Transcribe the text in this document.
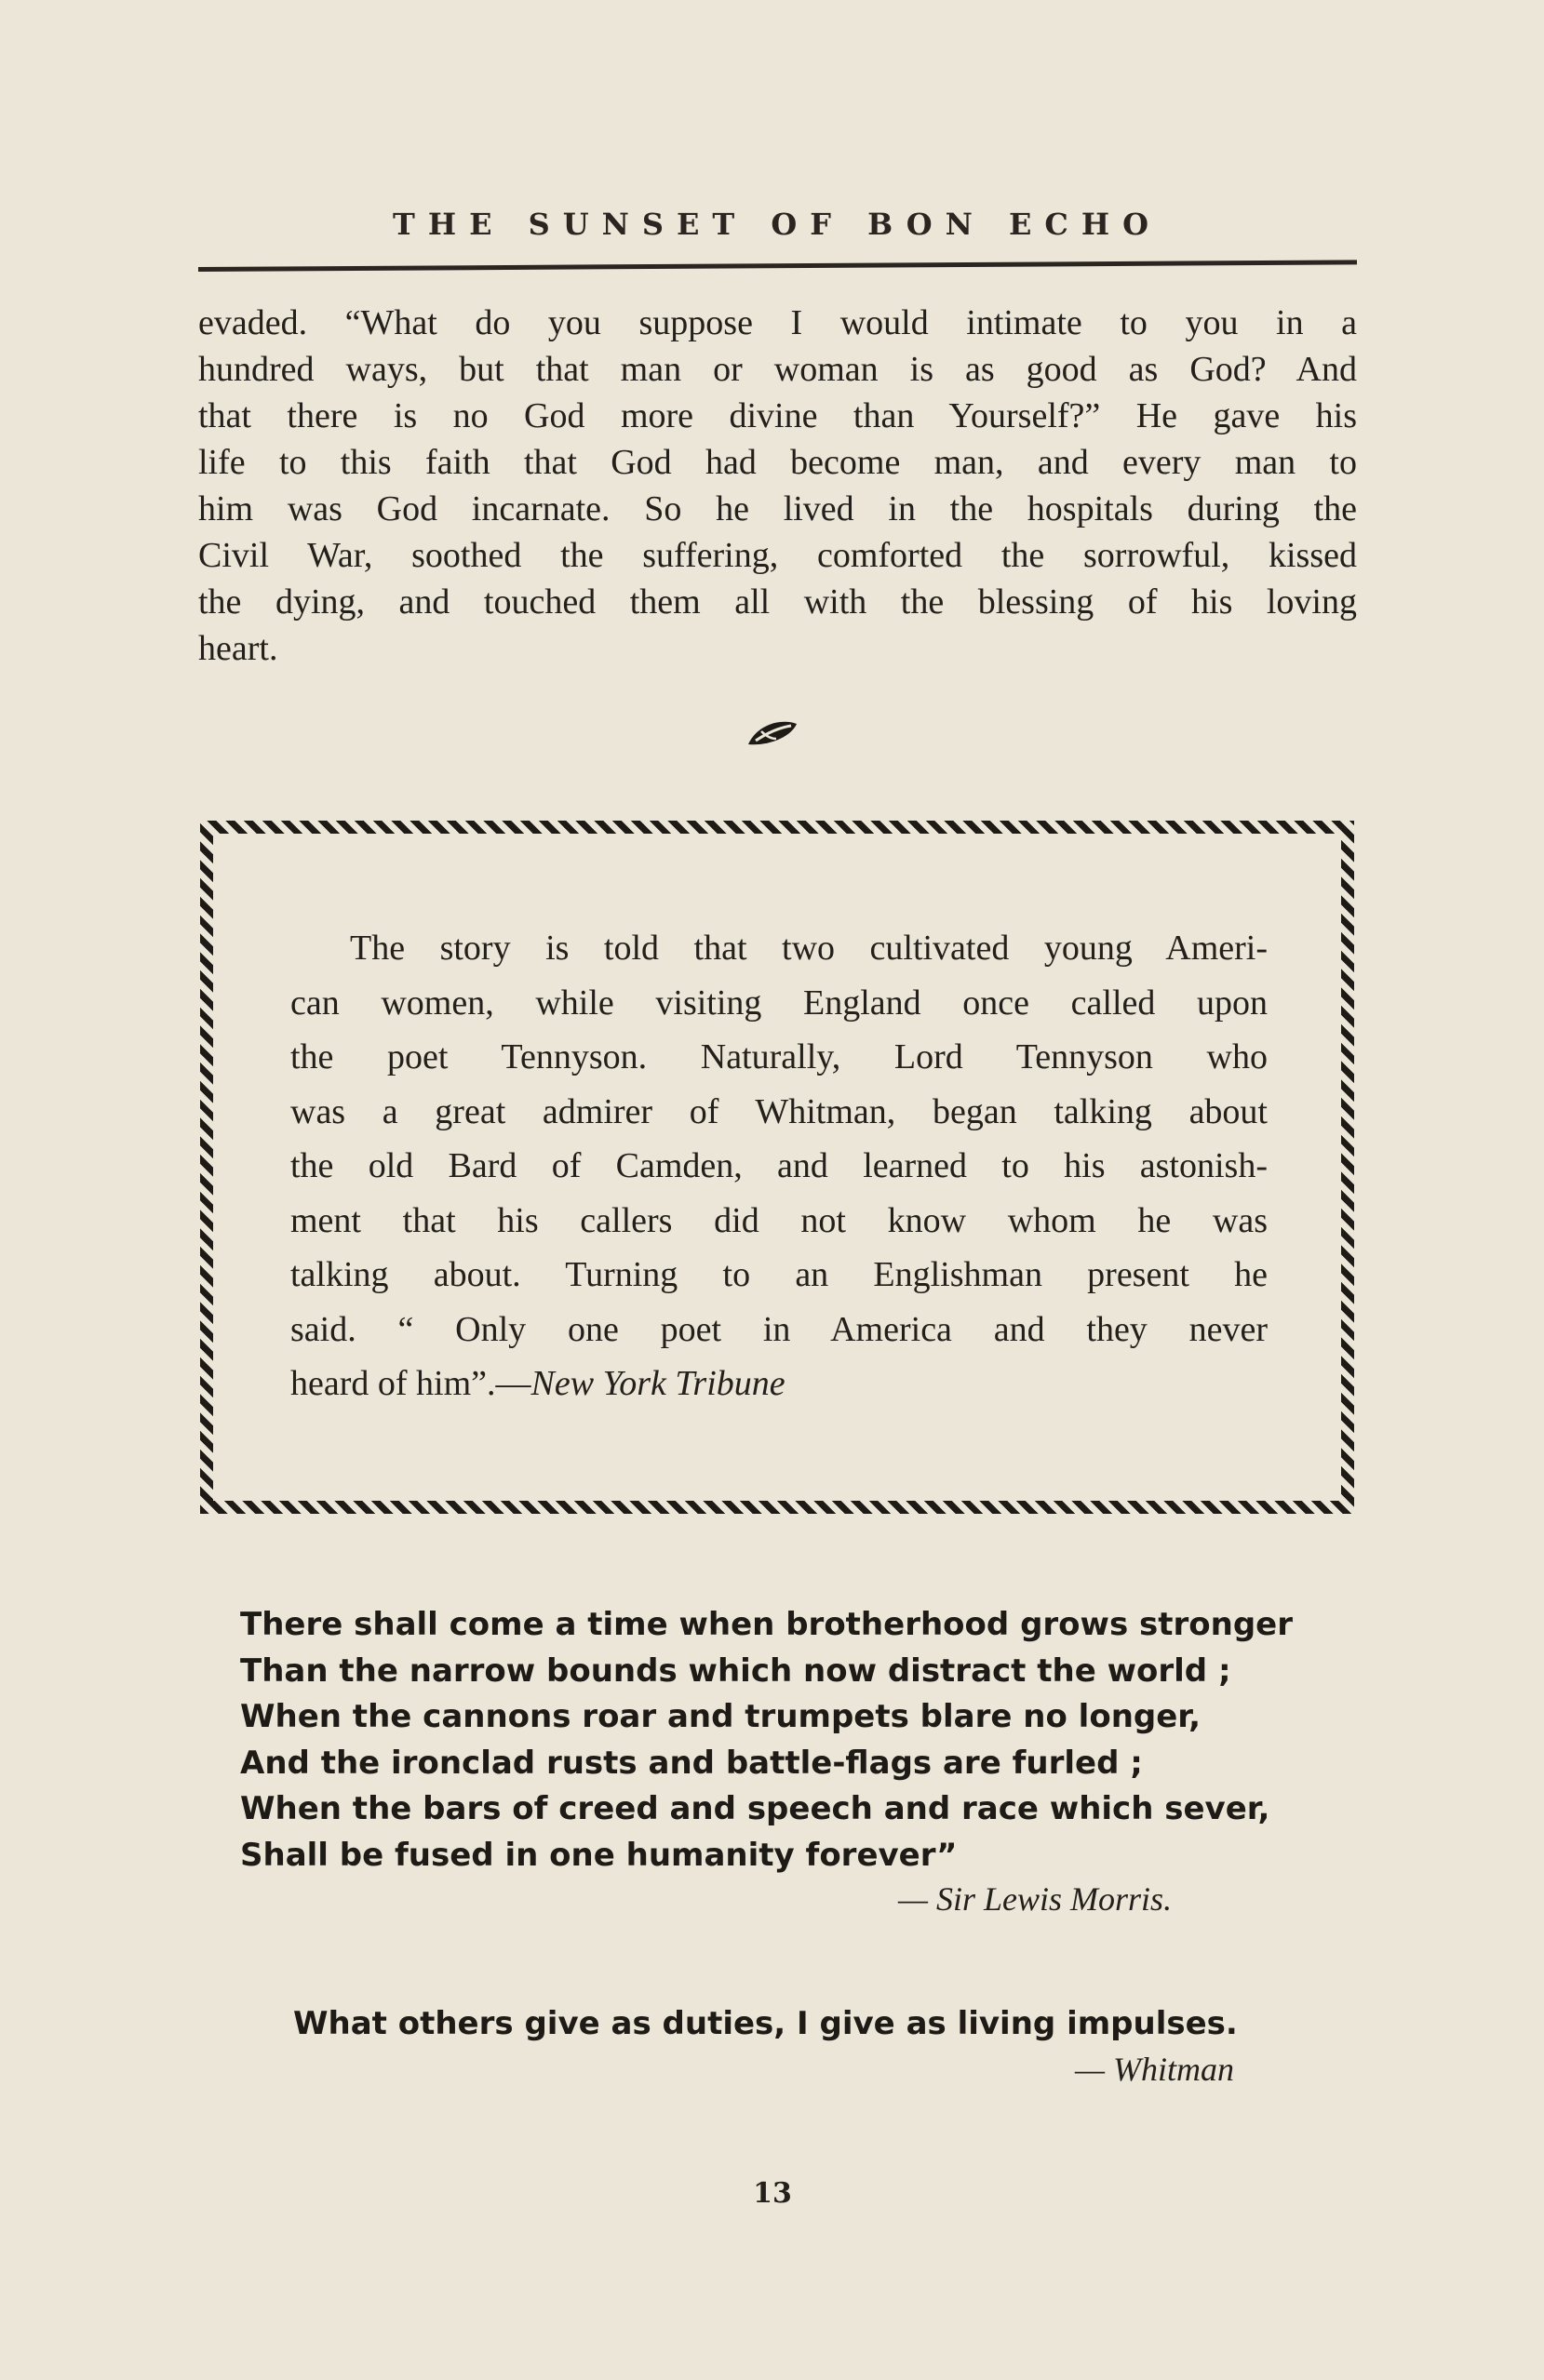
THE SUNSET OF BON ECHO
evaded. “What do you suppose I would intimate to you in a
hundred ways, but that man or woman is as good as God? And
that there is no God more divine than Yourself?” He gave his
life to this faith that God had become man, and every man to
him was God incarnate. So he lived in the hospitals during the
Civil War, soothed the suffering, comforted the sorrowful, kissed
the dying, and touched them all with the blessing of his loving
heart.
The story is told that two cultivated young Ameri-
can women, while visiting England once called upon
the poet Tennyson. Naturally, Lord Tennyson who
was a great admirer of Whitman, began talking about
the old Bard of Camden, and learned to his astonish-
ment that his callers did not know whom he was
talking about. Turning to an Englishman present he
said. “ Only one poet in America and they never
heard of him”.—New York Tribune
There shall come a time when brotherhood grows stronger
Than the narrow bounds which now distract the world ;
When the cannons roar and trumpets blare no longer,
And the ironclad rusts and battle-flags are furled ;
When the bars of creed and speech and race which sever,
Shall be fused in one humanity forever”
— Sir Lewis Morris.
What others give as duties, I give as living impulses.
— Whitman
13
